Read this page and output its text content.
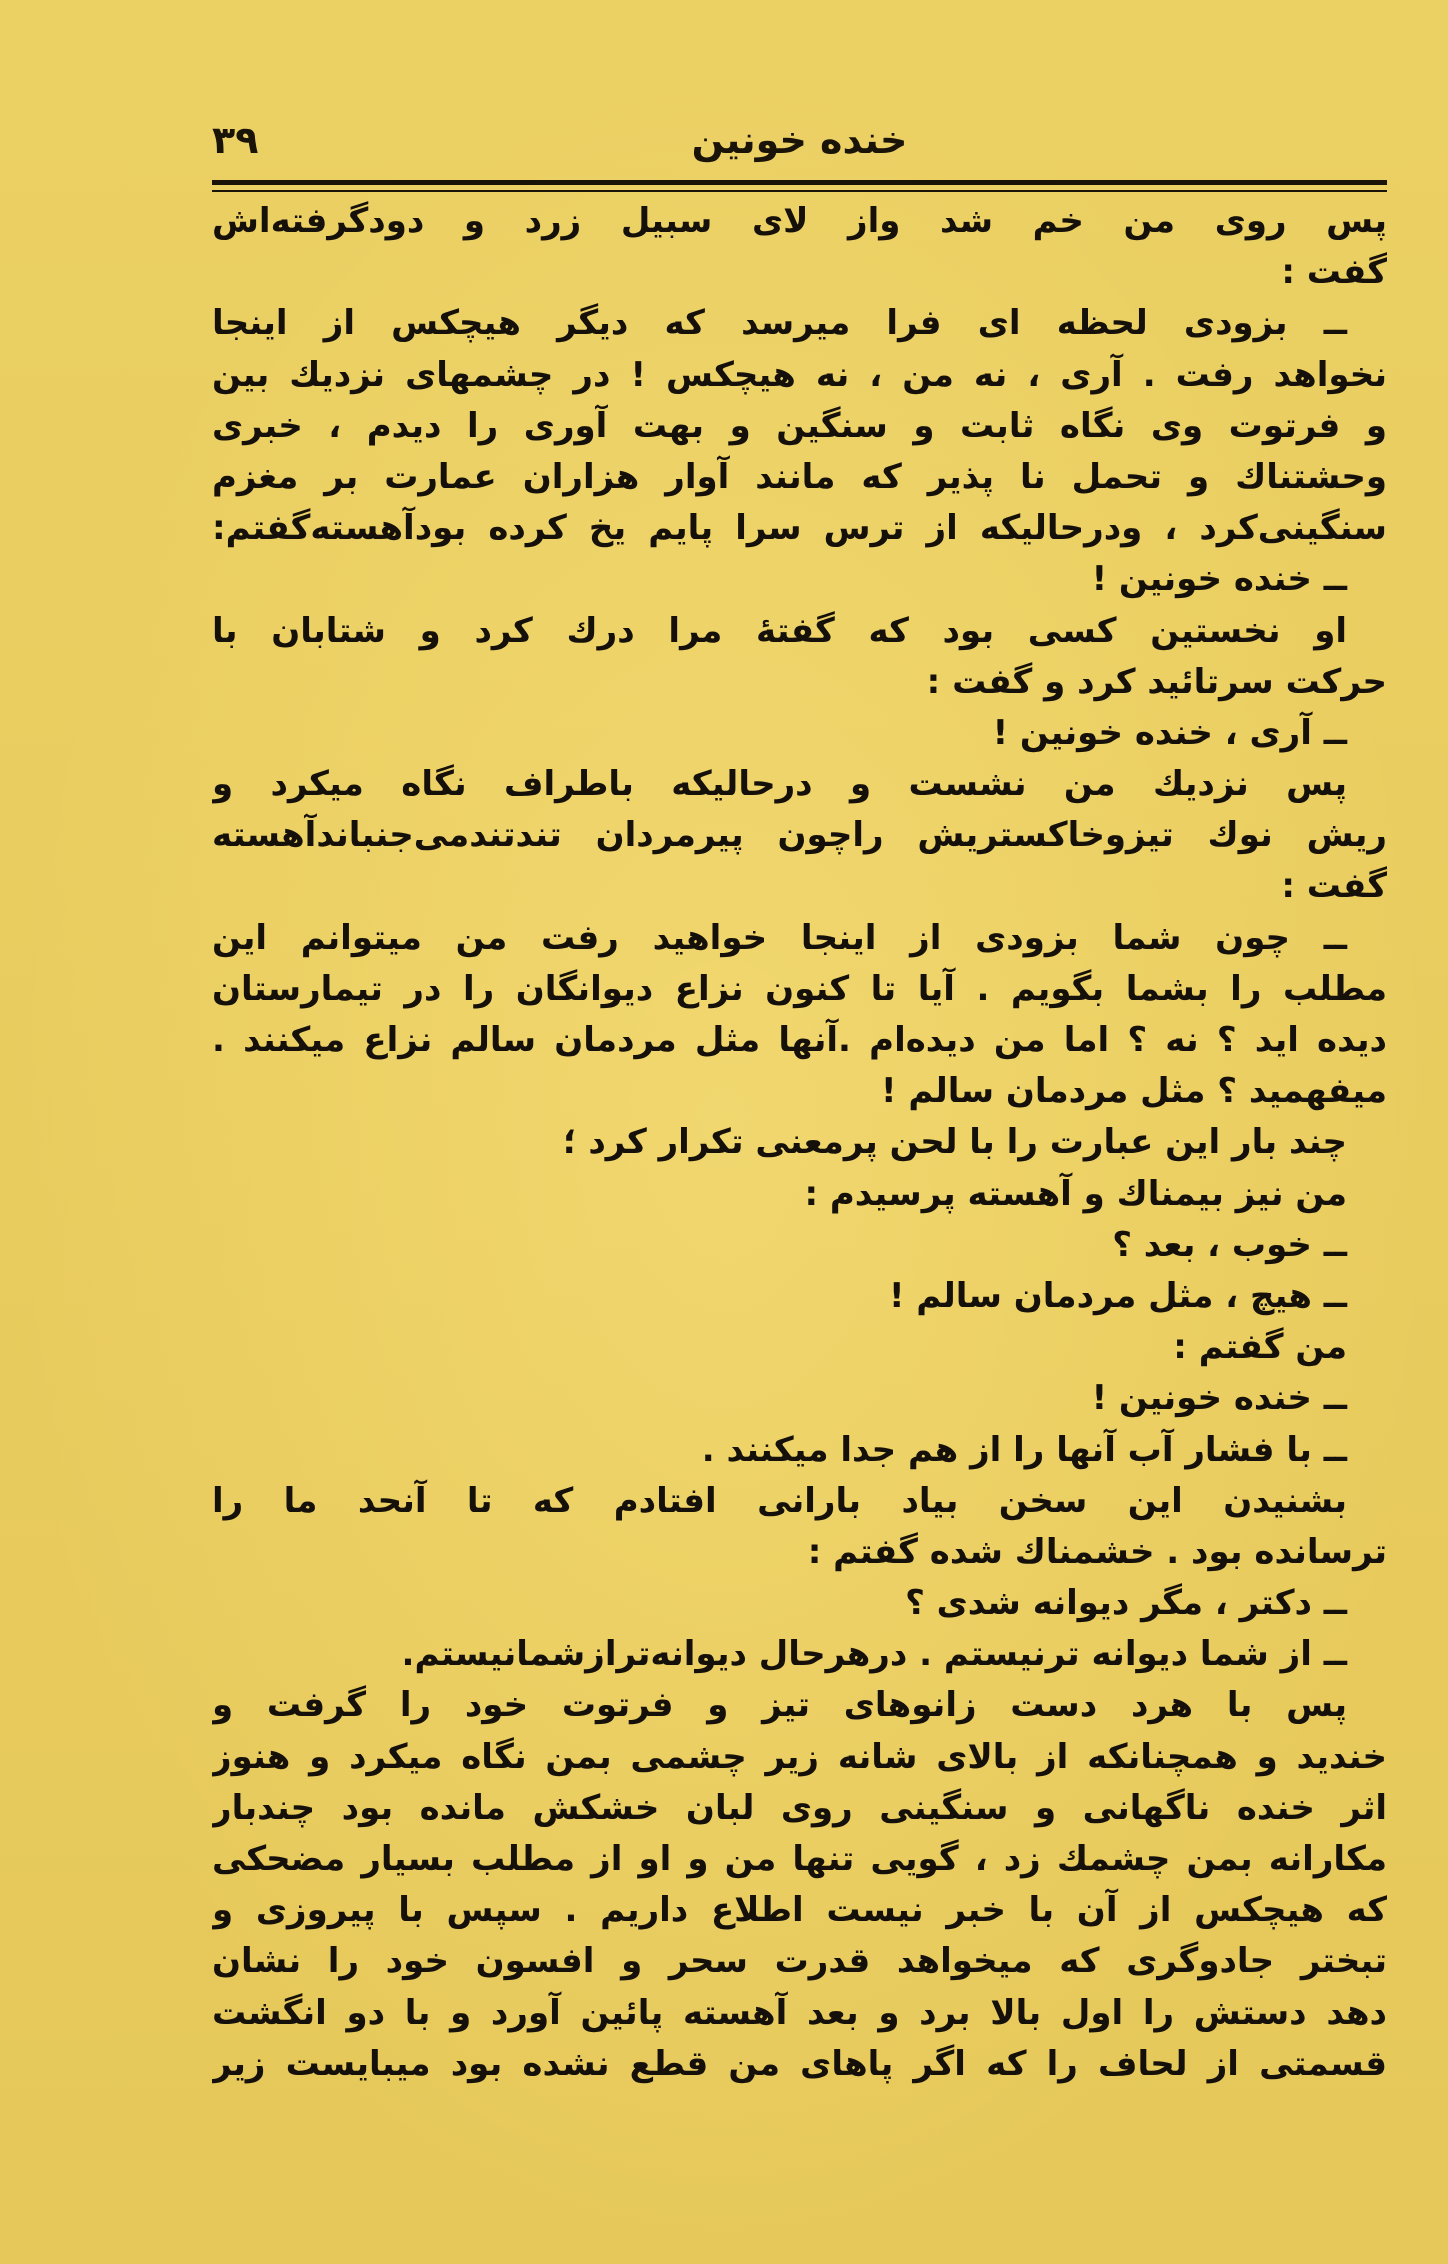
۳۹	خنده خونین
پس روی من خم شد واز لای سبیل زرد و دودگرفته‌اش
گفت :
ــ بزودی لحظه ای فرا میرسد که دیگر هیچکس از اینجا
نخواهد رفت . آری ، نه من ، نه هیچکس ! در چشمهای نزدیك بین
و فرتوت وی نگاه ثابت و سنگین و بهت آوری را دیدم ، خبری
وحشتناك و تحمل نا پذیر که مانند آوار هزاران عمارت بر مغزم
سنگینی‌کرد ، ودرحالیکه از ترس سرا پایم یخ کرده بودآهسته‌گفتم:
ــ خنده خونین !
او نخستین کسی بود که گفتهٔ مرا درك کرد و شتابان با
حرکت سرتائید کرد و گفت :
ــ آری ، خنده خونین !
پس نزدیك من نشست و درحالیکه باطراف نگاه میکرد و
ریش نوك تیزوخاکستریش راچون پیرمردان تندتندمی‌جنباندآهسته
گفت :
ــ چون شما بزودی از اینجا خواهید رفت من میتوانم این
مطلب را بشما بگویم . آیا تا کنون نزاع دیوانگان را در تیمارستان
دیده اید ؟ نه ؟ اما من دیده‌ام .آنها مثل مردمان سالم نزاع میکنند .
میفهمید ؟ مثل مردمان سالم !
چند بار این عبارت را با لحن پرمعنی تکرار کرد ؛
من نیز بیمناك و آهسته پرسیدم :
ــ خوب ، بعد ؟
ــ هیچ ، مثل مردمان سالم !
من گفتم :
ــ خنده خونین !
ــ با فشار آب آنها را از هم جدا میکنند .
بشنیدن این سخن بیاد بارانی افتادم که تا آنحد ما را
ترسانده بود . خشمناك شده گفتم :
ــ دکتر ، مگر دیوانه شدی ؟
ــ از شما دیوانه ترنیستم . درهرحال دیوانه‌ترازشمانیستم.
پس با هرد دست زانوهای تیز و فرتوت خود را گرفت و
خندید و همچنانکه از بالای شانه زیر چشمی بمن نگاه میکرد و هنوز
اثر خنده ناگهانی و سنگینی روی لبان خشکش مانده بود چندبار
مکارانه بمن چشمك زد ، گویی تنها من و او از مطلب بسیار مضحکی
که هیچکس از آن با خبر نیست اطلاع داریم . سپس با پیروزی و
تبختر جادوگری که میخواهد قدرت سحر و افسون خود را نشان
دهد دستش را اول بالا برد و بعد آهسته پائین آورد و با دو انگشت
قسمتی از لحاف را که اگر پاهای من قطع نشده بود میبایست زیر
